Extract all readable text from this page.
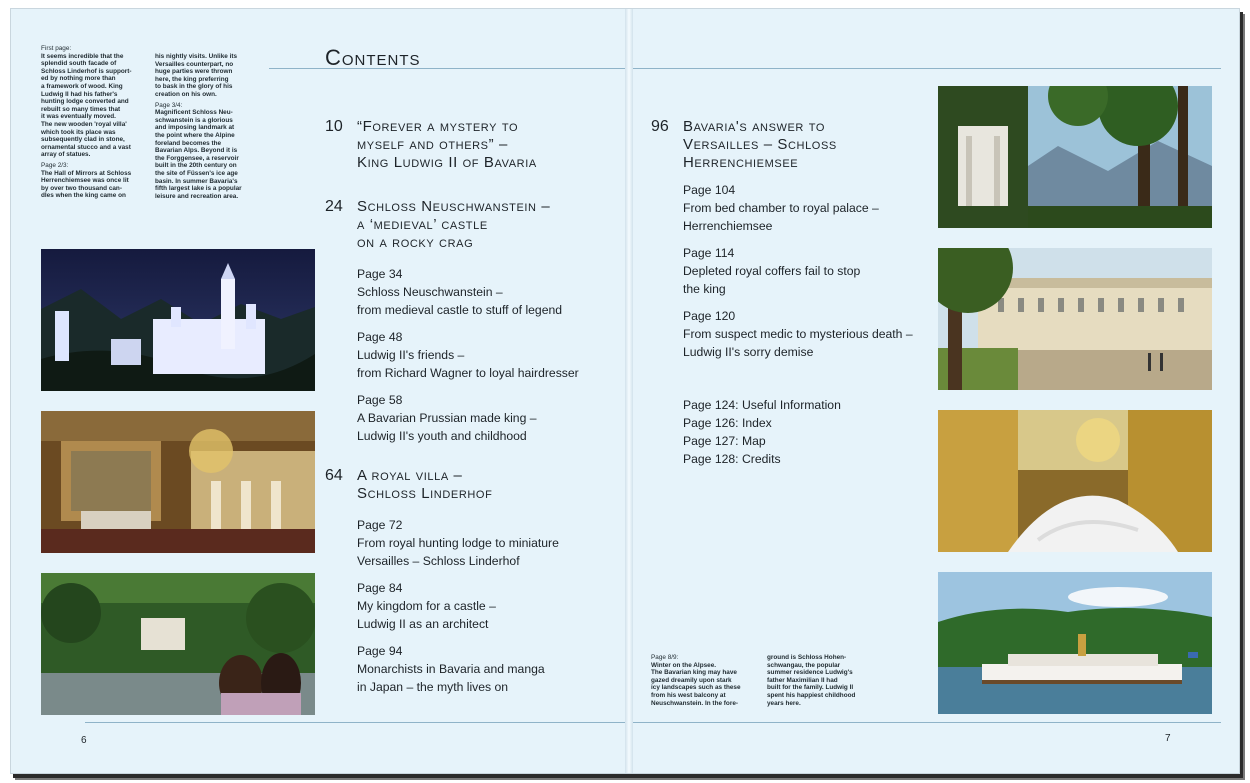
First page:
It seems incredible that the
splendid south facade of
Schloss Linderhof is support-
ed by nothing more than
a framework of wood. King
Ludwig II had his father's
hunting lodge converted and
rebuilt so many times that
it was eventually moved.
The new wooden 'royal villa'
which took its place was
subsequently clad in stone,
ornamental stucco and a vast
array of statues.

Page 2/3:
The Hall of Mirrors at Schloss
Herrenchiemsee was once lit
by over two thousand can-
dles when the king came on

his nightly visits. Unlike its
Versailles counterpart, no
huge parties were thrown
here, the king preferring
to bask in the glory of his
creation on his own.

Page 3/4:
Magnificent Schloss Neu-
schwanstein is a glorious
and imposing landmark at
the point where the Alpine
foreland becomes the
Bavarian Alps. Beyond it is
the Forggensee, a reservoir
built in the 20th century on
the site of Füssen's ice age
basin. In summer Bavaria's
fifth largest lake is a popular
leisure and recreation area.

Contents
10 “Forever a mystery to
myself and others” –
King Ludwig II of Bavaria
24 Schloss Neuschwanstein –
a ‘medieval’ castle
on a rocky crag
Page 34
Schloss Neuschwanstein –
from medieval castle to stuff of legend
Page 48
Ludwig II's friends –
from Richard Wagner to loyal hairdresser
Page 58
A Bavarian Prussian made king –
Ludwig II's youth and childhood
64 A royal villa –
Schloss Linderhof
Page 72
From royal hunting lodge to miniature
Versailles – Schloss Linderhof
Page 84
My kingdom for a castle –
Ludwig II as an architect
Page 94
Monarchists in Bavaria and manga
in Japan – the myth lives on
96 Bavaria's answer to
Versailles – Schloss
Herrenchiemsee
Page 104
From bed chamber to royal palace –
Herrenchiemsee
Page 114
Depleted royal coffers fail to stop
the king
Page 120
From suspect medic to mysterious death –
Ludwig II's sorry demise
Page 124: Useful Information
Page 126: Index
Page 127: Map
Page 128: Credits
Page 8/9:
Winter on the Alpsee.
The Bavarian king may have
gazed dreamily upon stark
icy landscapes such as these
from his west balcony at
Neuschwanstein. In the fore-
ground is Schloss Hohen-
schwangau, the popular
summer residence Ludwig's
father Maximilian II had
built for the family. Ludwig II
spent his happiest childhood
years here.
6	7
